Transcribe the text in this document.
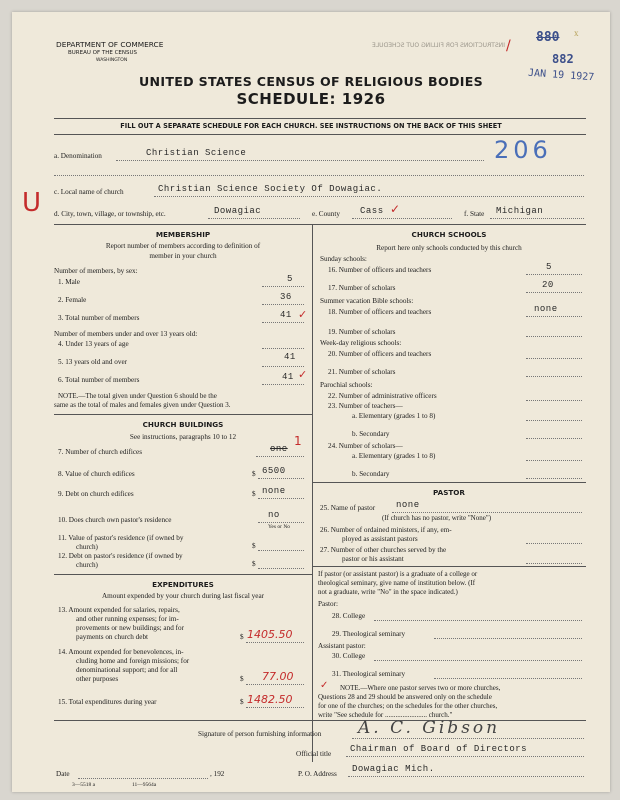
DEPARTMENT OF COMMERCE
BUREAU OF THE CENSUS
WASHINGTON
INSTRUCTIONS FOR FILLING OUT SCHEDULE
UNITED STATES CENSUS OF RELIGIOUS BODIES
SCHEDULE: 1926
FILL OUT A SEPARATE SCHEDULE FOR EACH CHURCH. SEE INSTRUCTIONS ON THE BACK OF THIS SHEET
/
880 x
882
JAN 19 1927
206
U
a. Denomination	Christian Science
c. Local name of church	Christian Science Society Of Dowagiac.
d. City, town, village, or township, etc.	Dowagiac	e. County Cass ✓	f. State Michigan
MEMBERSHIP
Report number of members according to definition of
member in your church
Number of members, by sex:
1. Male	5
2. Female	36
3. Total number of members	41 ✓
Number of members under and over 13 years old:
4. Under 13 years of age
5. 13 years old and over	41
6. Total number of members	41 ✓
NOTE.—The total given under Question 6 should be the
same as the total of males and females given under Question 3.
CHURCH BUILDINGS
See instructions, paragraphs 10 to 12
7. Number of church edifices	one
1
8. Value of church edifices	$ 6500
9. Debt on church edifices	$ none
10. Does church own pastor's residence	no
Yes or No
11. Value of pastor's residence (if owned by
church)	$
12. Debt on pastor's residence (if owned by
church)	$
EXPENDITURES
Amount expended by your church during last fiscal year
13. Amount expended for salaries, repairs,
and other running expenses; for im-
provements or new buildings; and for
payments on church debt	$ 1405.50
14. Amount expended for benevolences, in-
cluding home and foreign missions; for
denominational support; and for all
other purposes	$ 77.00
15. Total expenditures during year	$ 1482.50
CHURCH SCHOOLS
Report here only schools conducted by this church
Sunday schools:
16. Number of officers and teachers	5
17. Number of scholars	20
Summer vacation Bible schools:
18. Number of officers and teachers	none
19. Number of scholars
Week-day religious schools:
20. Number of officers and teachers
21. Number of scholars
Parochial schools:
22. Number of administrative officers
23. Number of teachers—
a. Elementary (grades 1 to 8)
b. Secondary
24. Number of scholars—
a. Elementary (grades 1 to 8)
b. Secondary
PASTOR
25. Name of pastor none
(If church has no pastor, write "None")
26. Number of ordained ministers, if any, em-
ployed as assistant pastors
27. Number of other churches served by the
pastor or his assistant
If pastor (or assistant pastor) is a graduate of a college or
theological seminary, give name of institution below. (If
not a graduate, write "No" in the space indicated.)
Pastor:
28. College
29. Theological seminary
Assistant pastor:
30. College
31. Theological seminary
NOTE.—Where one pastor serves two or more churches,
Questions 28 and 29 should be answered only on the schedule
for one of the churches; on the schedules for the other churches,
write "See schedule for ........................ church."
✓
Signature of person furnishing information A. C. Gibson
Official title Chairman of Board of Directors
Date	, 192	P. O. Address Dowagiac Mich.
3—5518 a	11—9564a
